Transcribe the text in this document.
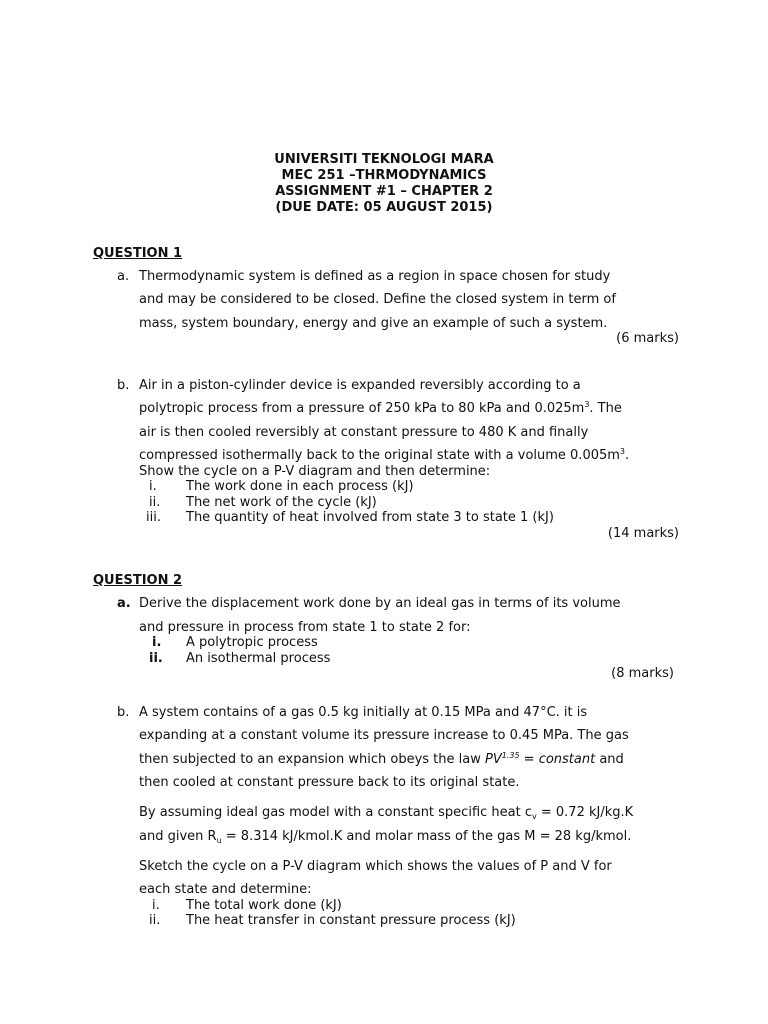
UNIVERSITI TEKNOLOGI MARA
MEC 251 –THRMODYNAMICS
ASSIGNMENT #1 – CHAPTER 2
(DUE DATE: 05 AUGUST 2015)
QUESTION 1
a. Thermodynamic system is defined as a region in space chosen for study
and may be considered to be closed. Define the closed system in term of
mass, system boundary, energy and give an example of such a system.
(6 marks)
b. Air in a piston-cylinder device is expanded reversibly according to a
polytropic process from a pressure of 250 kPa to 80 kPa and $0.025m^3$. The
air is then cooled reversibly at constant pressure to 480 K and finally
compressed isothermally back to the original state with a volume $0.005m^3$.
Show the cycle on a P-V diagram and then determine:
i. The work done in each process (kJ)
ii. The net work of the cycle (kJ)
iii. The quantity of heat involved from state 3 to state 1 (kJ)
(14 marks)
QUESTION 2
a. Derive the displacement work done by an ideal gas in terms of its volume
and pressure in process from state 1 to state 2 for:
i. A polytropic process
ii. An isothermal process
(8 marks)
b. A system contains of a gas 0.5 kg initially at 0.15 MPa and 47°C. it is
expanding at a constant volume its pressure increase to 0.45 MPa. The gas
then subjected to an expansion which obeys the law $PV^{1.35}$ = constant and
then cooled at constant pressure back to its original state.
By assuming ideal gas model with a constant specific heat $c_v = 0.72$ kJ/kg.K
and given $R_u = 8.314$ kJ/kmol.K and molar mass of the gas M = 28 kg/kmol.
Sketch the cycle on a P-V diagram which shows the values of P and V for
each state and determine:
i. The total work done (kJ)
ii. The heat transfer in constant pressure process (kJ)
